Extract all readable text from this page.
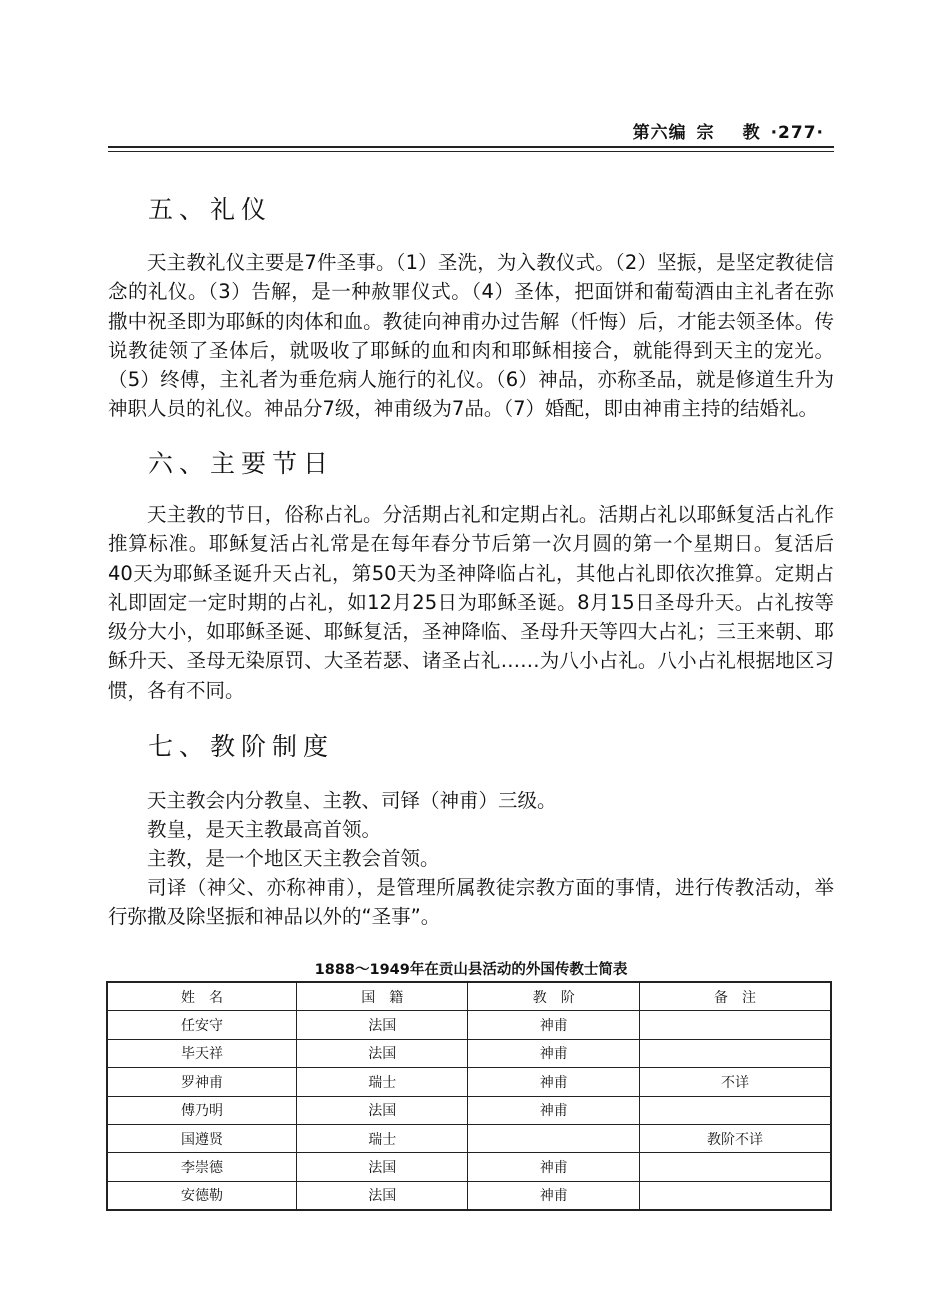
第六编 宗 教 ·277·
五、礼仪

天主教礼仪主要是7件圣事。（1）圣洗，为入教仪式。（2）坚振，是坚定教徒信念的礼仪。（3）告解，是一种赦罪仪式。（4）圣体，把面饼和葡萄酒由主礼者在弥撒中祝圣即为耶稣的肉体和血。教徒向神甫办过告解（忏悔）后，才能去领圣体。传说教徒领了圣体后，就吸收了耶稣的血和肉和耶稣相接合，就能得到天主的宠光。（5）终傅，主礼者为垂危病人施行的礼仪。（6）神品，亦称圣品，就是修道生升为神职人员的礼仪。神品分7级，神甫级为7品。（7）婚配，即由神甫主持的结婚礼。

六、主要节日

天主教的节日，俗称占礼。分活期占礼和定期占礼。活期占礼以耶稣复活占礼作推算标准。耶稣复活占礼常是在每年春分节后第一次月圆的第一个星期日。复活后40天为耶稣圣诞升天占礼，第50天为圣神降临占礼，其他占礼即依次推算。定期占礼即固定一定时期的占礼，如12月25日为耶稣圣诞。8月15日圣母升天。占礼按等级分大小，如耶稣圣诞、耶稣复活，圣神降临、圣母升天等四大占礼；三王来朝、耶稣升天、圣母无染原罚、大圣若瑟、诸圣占礼……为八小占礼。八小占礼根据地区习惯，各有不同。

七、教阶制度

天主教会内分教皇、主教、司铎（神甫）三级。

教皇，是天主教最高首领。

主教，是一个地区天主教会首领。

司译（神父、亦称神甫），是管理所属教徒宗教方面的事情，进行传教活动，举行弥撒及除坚振和神品以外的“圣事”。

1888～1949年在贡山县活动的外国传教士简表
姓　名	国　籍	教　阶	备　注
任安守	法国	神甫	
毕天祥	法国	神甫	
罗神甫	瑞士	神甫	不详
傅乃明	法国	神甫	
国遵贤	瑞士		教阶不详
李崇德	法国	神甫	
安德勒	法国	神甫	
